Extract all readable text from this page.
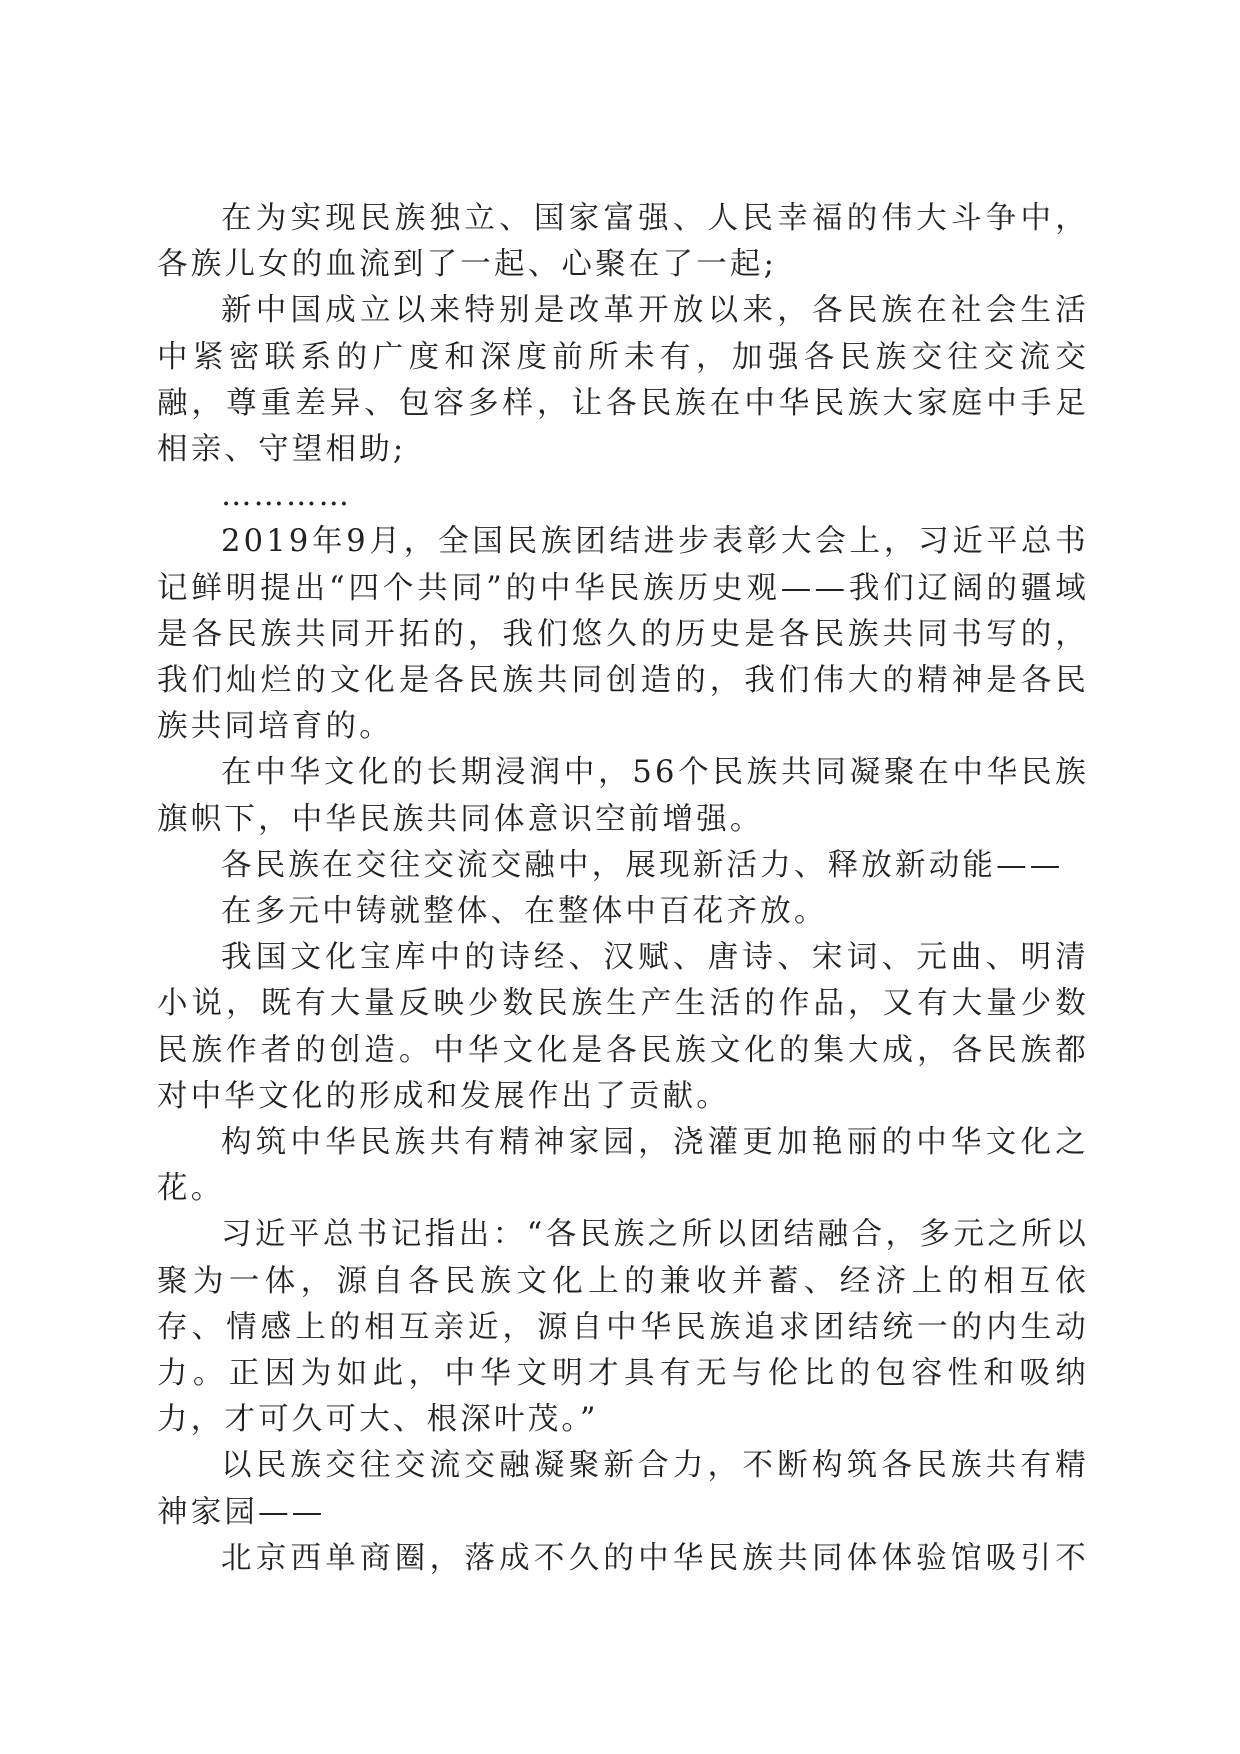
在为实现民族独立、国家富强、人民幸福的伟大斗争中，各族儿女的血流到了一起、心聚在了一起;

新中国成立以来特别是改革开放以来，各民族在社会生活中紧密联系的广度和深度前所未有，加强各民族交往交流交融，尊重差异、包容多样，让各民族在中华民族大家庭中手足相亲、守望相助;

…………

2019年9月，全国民族团结进步表彰大会上，习近平总书记鲜明提出“四个共同”的中华民族历史观——我们辽阔的疆域是各民族共同开拓的，我们悠久的历史是各民族共同书写的，我们灿烂的文化是各民族共同创造的，我们伟大的精神是各民族共同培育的。

在中华文化的长期浸润中，56个民族共同凝聚在中华民族旗帜下，中华民族共同体意识空前增强。

各民族在交往交流交融中，展现新活力、释放新动能——

在多元中铸就整体、在整体中百花齐放。

我国文化宝库中的诗经、汉赋、唐诗、宋词、元曲、明清小说，既有大量反映少数民族生产生活的作品，又有大量少数民族作者的创造。中华文化是各民族文化的集大成，各民族都对中华文化的形成和发展作出了贡献。

构筑中华民族共有精神家园，浇灌更加艳丽的中华文化之花。

习近平总书记指出：“各民族之所以团结融合，多元之所以聚为一体，源自各民族文化上的兼收并蓄、经济上的相互依存、情感上的相互亲近，源自中华民族追求团结统一的内生动力。正因为如此，中华文明才具有无与伦比的包容性和吸纳力，才可久可大、根深叶茂。”

以民族交往交流交融凝聚新合力，不断构筑各民族共有精神家园——

北京西单商圈，落成不久的中华民族共同体体验馆吸引不
